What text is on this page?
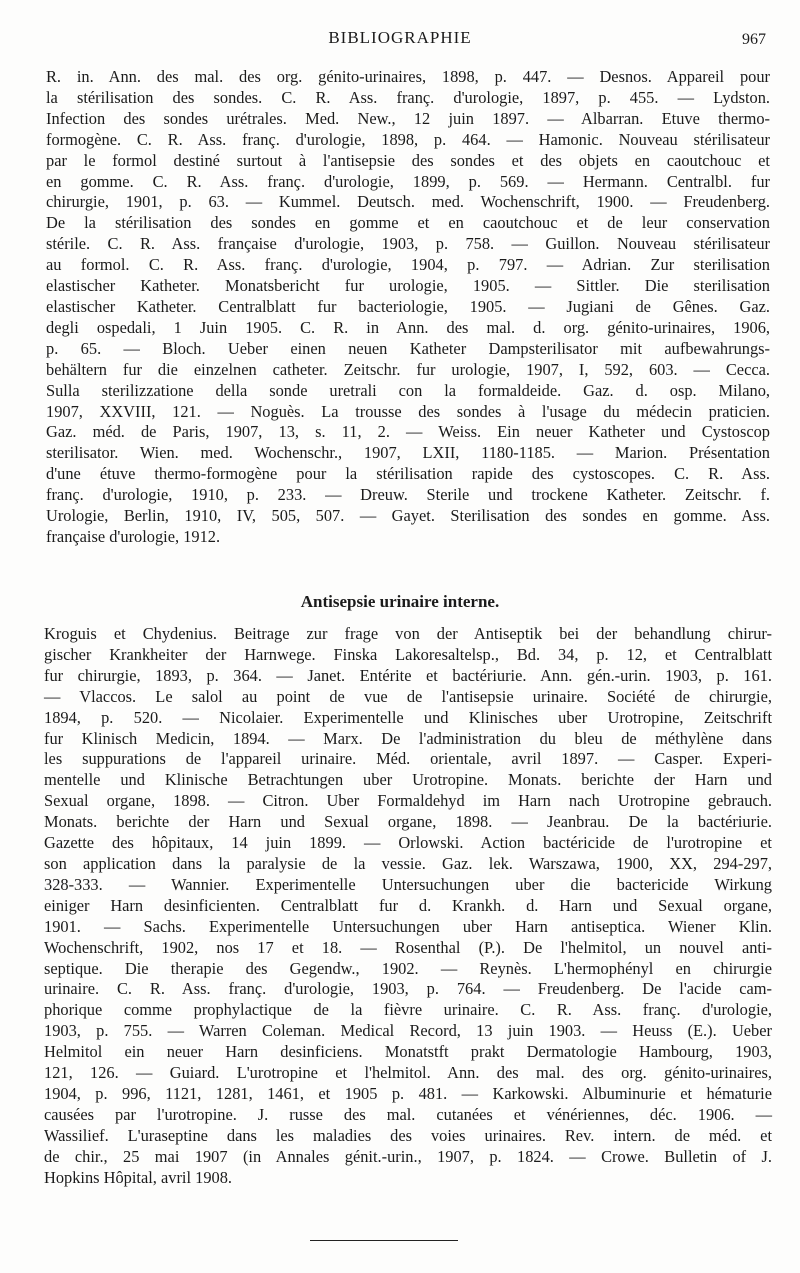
BIBLIOGRAPHIE	967
R. in. Ann. des mal. des org. génito-urinaires, 1898, p. 447. — Desnos. Appareil pour
la stérilisation des sondes. C. R. Ass. franç. d'urologie, 1897, p. 455. — Lydston.
Infection des sondes urétrales. Med. New., 12 juin 1897. — Albarran. Etuve thermo-
formogène. C. R. Ass. franç. d'urologie, 1898, p. 464. — Hamonic. Nouveau stérilisateur
par le formol destiné surtout à l'antisepsie des sondes et des objets en caoutchouc et
en gomme. C. R. Ass. franç. d'urologie, 1899, p. 569. — Hermann. Centralbl. fur
chirurgie, 1901, p. 63. — Kummel. Deutsch. med. Wochenschrift, 1900. — Freudenberg.
De la stérilisation des sondes en gomme et en caoutchouc et de leur conservation
stérile. C. R. Ass. française d'urologie, 1903, p. 758. — Guillon. Nouveau stérilisateur
au formol. C. R. Ass. franç. d'urologie, 1904, p. 797. — Adrian. Zur sterilisation
elastischer Katheter. Monatsbericht fur urologie, 1905. — Sittler. Die sterilisation
elastischer Katheter. Centralblatt fur bacteriologie, 1905. — Jugiani de Gênes. Gaz.
degli ospedali, 1 Juin 1905. C. R. in Ann. des mal. d. org. génito-urinaires, 1906,
p. 65. — Bloch. Ueber einen neuen Katheter Dampsterilisator mit aufbewahrungs-
behältern fur die einzelnen catheter. Zeitschr. fur urologie, 1907, I, 592, 603. — Cecca.
Sulla sterilizzatione della sonde uretrali con la formaldeide. Gaz. d. osp. Milano,
1907, XXVIII, 121. — Noguès. La trousse des sondes à l'usage du médecin praticien.
Gaz. méd. de Paris, 1907, 13, s. 11, 2. — Weiss. Ein neuer Katheter und Cystoscop
sterilisator. Wien. med. Wochenschr., 1907, LXII, 1180-1185. — Marion. Présentation
d'une étuve thermo-formogène pour la stérilisation rapide des cystoscopes. C. R. Ass.
franç. d'urologie, 1910, p. 233. — Dreuw. Sterile und trockene Katheter. Zeitschr. f.
Urologie, Berlin, 1910, IV, 505, 507. — Gayet. Sterilisation des sondes en gomme. Ass.
française d'urologie, 1912.
Antisepsie urinaire interne.
Kroguis et Chydenius. Beitrage zur frage von der Antiseptik bei der behandlung chirur-
gischer Krankheiter der Harnwege. Finska Lakoresaltelsp., Bd. 34, p. 12, et Centralblatt
fur chirurgie, 1893, p. 364. — Janet. Entérite et bactériurie. Ann. gén.-urin. 1903, p. 161.
— Vlaccos. Le salol au point de vue de l'antisepsie urinaire. Société de chirurgie,
1894, p. 520. — Nicolaier. Experimentelle und Klinisches uber Urotropine, Zeitschrift
fur Klinisch Medicin, 1894. — Marx. De l'administration du bleu de méthylène dans
les suppurations de l'appareil urinaire. Méd. orientale, avril 1897. — Casper. Experi-
mentelle und Klinische Betrachtungen uber Urotropine. Monats. berichte der Harn und
Sexual organe, 1898. — Citron. Uber Formaldehyd im Harn nach Urotropine gebrauch.
Monats. berichte der Harn und Sexual organe, 1898. — Jeanbrau. De la bactériurie.
Gazette des hôpitaux, 14 juin 1899. — Orlowski. Action bactéricide de l'urotropine et
son application dans la paralysie de la vessie. Gaz. lek. Warszawa, 1900, XX, 294-297,
328-333. — Wannier. Experimentelle Untersuchungen uber die bactericide Wirkung
einiger Harn desinficienten. Centralblatt fur d. Krankh. d. Harn und Sexual organe,
1901. — Sachs. Experimentelle Untersuchungen uber Harn antiseptica. Wiener Klin.
Wochenschrift, 1902, nos 17 et 18. — Rosenthal (P.). De l'helmitol, un nouvel anti-
septique. Die therapie des Gegendw., 1902. — Reynès. L'hermophényl en chirurgie
urinaire. C. R. Ass. franç. d'urologie, 1903, p. 764. — Freudenberg. De l'acide cam-
phorique comme prophylactique de la fièvre urinaire. C. R. Ass. franç. d'urologie,
1903, p. 755. — Warren Coleman. Medical Record, 13 juin 1903. — Heuss (E.). Ueber
Helmitol ein neuer Harn desinficiens. Monatstft prakt Dermatologie Hambourg, 1903,
121, 126. — Guiard. L'urotropine et l'helmitol. Ann. des mal. des org. génito-urinaires,
1904, p. 996, 1121, 1281, 1461, et 1905 p. 481. — Karkowski. Albuminurie et hématurie
causées par l'urotropine. J. russe des mal. cutanées et vénériennes, déc. 1906. —
Wassilief. L'uraseptine dans les maladies des voies urinaires. Rev. intern. de méd. et
de chir., 25 mai 1907 (in Annales génit.-urin., 1907, p. 1824. — Crowe. Bulletin of J.
Hopkins Hôpital, avril 1908.
